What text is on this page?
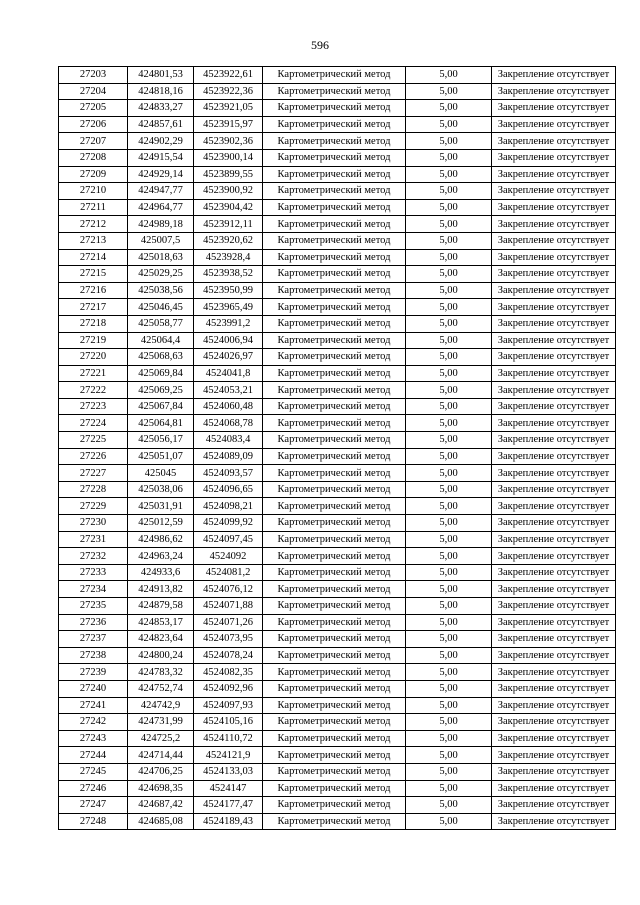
596
27203	424801,53	4523922,61	Картометрический метод	5,00	Закрепление отсутствует
27204	424818,16	4523922,36	Картометрический метод	5,00	Закрепление отсутствует
27205	424833,27	4523921,05	Картометрический метод	5,00	Закрепление отсутствует
27206	424857,61	4523915,97	Картометрический метод	5,00	Закрепление отсутствует
27207	424902,29	4523902,36	Картометрический метод	5,00	Закрепление отсутствует
27208	424915,54	4523900,14	Картометрический метод	5,00	Закрепление отсутствует
27209	424929,14	4523899,55	Картометрический метод	5,00	Закрепление отсутствует
27210	424947,77	4523900,92	Картометрический метод	5,00	Закрепление отсутствует
27211	424964,77	4523904,42	Картометрический метод	5,00	Закрепление отсутствует
27212	424989,18	4523912,11	Картометрический метод	5,00	Закрепление отсутствует
27213	425007,5	4523920,62	Картометрический метод	5,00	Закрепление отсутствует
27214	425018,63	4523928,4	Картометрический метод	5,00	Закрепление отсутствует
27215	425029,25	4523938,52	Картометрический метод	5,00	Закрепление отсутствует
27216	425038,56	4523950,99	Картометрический метод	5,00	Закрепление отсутствует
27217	425046,45	4523965,49	Картометрический метод	5,00	Закрепление отсутствует
27218	425058,77	4523991,2	Картометрический метод	5,00	Закрепление отсутствует
27219	425064,4	4524006,94	Картометрический метод	5,00	Закрепление отсутствует
27220	425068,63	4524026,97	Картометрический метод	5,00	Закрепление отсутствует
27221	425069,84	4524041,8	Картометрический метод	5,00	Закрепление отсутствует
27222	425069,25	4524053,21	Картометрический метод	5,00	Закрепление отсутствует
27223	425067,84	4524060,48	Картометрический метод	5,00	Закрепление отсутствует
27224	425064,81	4524068,78	Картометрический метод	5,00	Закрепление отсутствует
27225	425056,17	4524083,4	Картометрический метод	5,00	Закрепление отсутствует
27226	425051,07	4524089,09	Картометрический метод	5,00	Закрепление отсутствует
27227	425045	4524093,57	Картометрический метод	5,00	Закрепление отсутствует
27228	425038,06	4524096,65	Картометрический метод	5,00	Закрепление отсутствует
27229	425031,91	4524098,21	Картометрический метод	5,00	Закрепление отсутствует
27230	425012,59	4524099,92	Картометрический метод	5,00	Закрепление отсутствует
27231	424986,62	4524097,45	Картометрический метод	5,00	Закрепление отсутствует
27232	424963,24	4524092	Картометрический метод	5,00	Закрепление отсутствует
27233	424933,6	4524081,2	Картометрический метод	5,00	Закрепление отсутствует
27234	424913,82	4524076,12	Картометрический метод	5,00	Закрепление отсутствует
27235	424879,58	4524071,88	Картометрический метод	5,00	Закрепление отсутствует
27236	424853,17	4524071,26	Картометрический метод	5,00	Закрепление отсутствует
27237	424823,64	4524073,95	Картометрический метод	5,00	Закрепление отсутствует
27238	424800,24	4524078,24	Картометрический метод	5,00	Закрепление отсутствует
27239	424783,32	4524082,35	Картометрический метод	5,00	Закрепление отсутствует
27240	424752,74	4524092,96	Картометрический метод	5,00	Закрепление отсутствует
27241	424742,9	4524097,93	Картометрический метод	5,00	Закрепление отсутствует
27242	424731,99	4524105,16	Картометрический метод	5,00	Закрепление отсутствует
27243	424725,2	4524110,72	Картометрический метод	5,00	Закрепление отсутствует
27244	424714,44	4524121,9	Картометрический метод	5,00	Закрепление отсутствует
27245	424706,25	4524133,03	Картометрический метод	5,00	Закрепление отсутствует
27246	424698,35	4524147	Картометрический метод	5,00	Закрепление отсутствует
27247	424687,42	4524177,47	Картометрический метод	5,00	Закрепление отсутствует
27248	424685,08	4524189,43	Картометрический метод	5,00	Закрепление отсутствует
